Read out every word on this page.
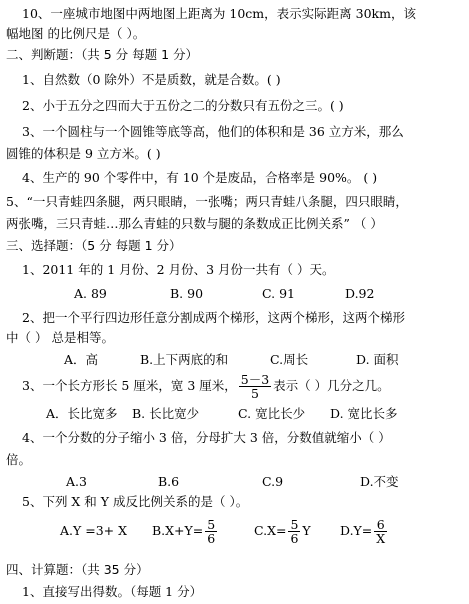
10、一座城市地图中两地图上距离为 10cm，表示实际距离 30km，该
幅地图 的比例尺是（ ）。
二、判断题：（共 5 分 每题 1 分）
1、自然数（0 除外）不是质数，就是合数。( )
2、小于五分之四而大于五份之二的分数只有五份之三。( )
3、一个圆柱与一个圆锥等底等高，他们的体积和是 36 立方米，那么
圆锥的体积是 9 立方米。( )
4、生产的 90 个零件中，有 10 个是废品，合格率是 90%。 ( )
5、“一只青蛙四条腿，两只眼睛，一张嘴；两只青蛙八条腿，四只眼睛，
两张嘴，三只青蛙…那么青蛙的只数与腿的条数成正比例关系” （ ）
三、选择题：（5 分 每题 1 分）
1、2011 年的 1 月份、2 月份、3 月份一共有（ ）天。
A. 89	B. 90	C. 91	D.92
2、把一个平行四边形任意分割成两个梯形，这两个梯形，这两个梯形
中（ ） 总是相等。
A．高	B.上下两底的和	C.周长	D. 面积
3、一个长方形长 5 厘米，宽 3 厘米， $\frac{5-3}{5}$ 表示（ ）几分之几。
A．长比宽多 B. 长比宽少	C. 宽比长少 D. 宽比长多
4、一个分数的分子缩小 3 倍，分母扩大 3 倍，分数值就缩小（ ）
倍。
A.3	B.6	C.9	D.不变
5、下列 X 和 Y 成反比例关系的是（ ）。
A.Y =3+ X $B.X+Y= \frac{5}{6}$	$C.X= \frac{5}{6}$ Y $D.Y= \frac{6}{X}$
四、计算题：（共 35 分）
1、直接写出得数。（每题 1 分）
